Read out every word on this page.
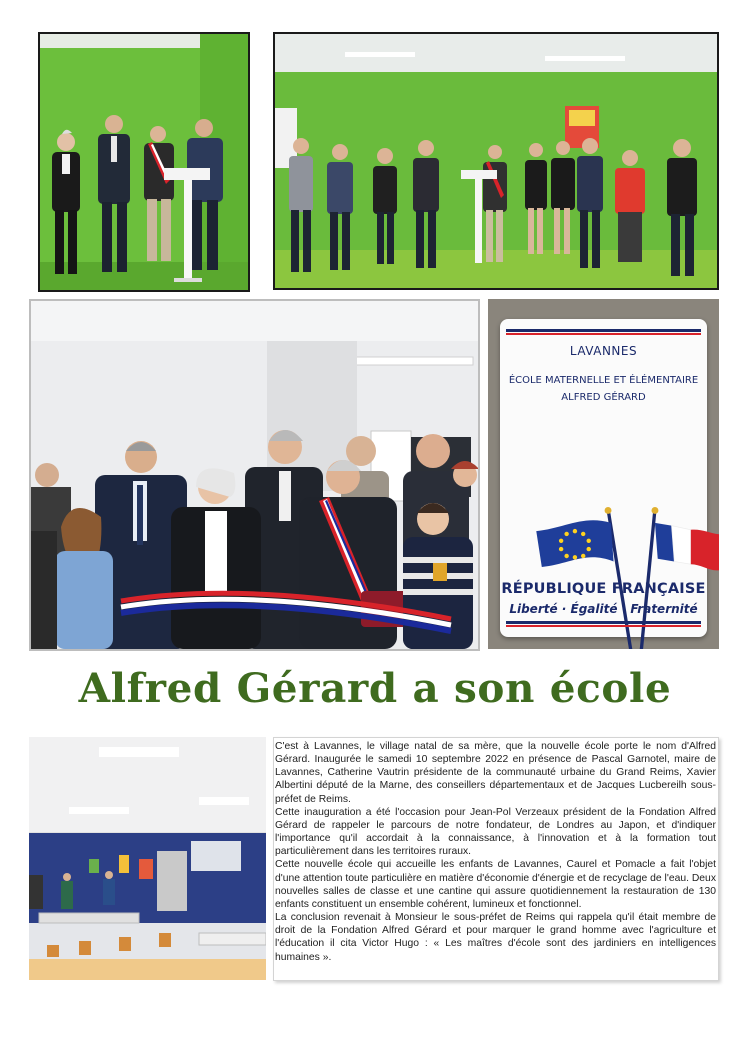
LAVANNES
ÉCOLE MATERNELLE ET ÉLÉMENTAIRE
ALFRED GÉRARD
RÉPUBLIQUE FRANÇAISE
Liberté · Égalité · Fraternité
Alfred Gérard a son école

C'est à Lavannes, le village natal de sa mère, que la nouvelle école porte le nom d'Alfred Gérard. Inaugurée le samedi 10 septembre 2022 en présence de Pascal Garnotel, maire de Lavannes, Catherine Vautrin présidente de la communauté urbaine du Grand Reims, Xavier Albertini député de la Marne, des conseillers départementaux et de Jacques Lucbereilh sous-préfet de Reims.

Cette inauguration a été l'occasion pour Jean-Pol Verzeaux président de la Fondation Alfred Gérard de rappeler le parcours de notre fondateur, de Londres au Japon, et d'indiquer l'importance qu'il accordait à la connaissance, à l'innovation et à la formation tout particulièrement dans les territoires ruraux.

Cette nouvelle école qui accueille les enfants de Lavannes, Caurel et Pomacle a fait l'objet d'une attention toute particulière en matière d'économie d'énergie et de recyclage de l'eau. Deux nouvelles salles de classe et une cantine qui assure quotidiennement la restauration de 130 enfants constituent un ensemble cohérent, lumineux et fonctionnel.

La conclusion revenait à Monsieur le sous-préfet de Reims qui rappela qu'il était membre de droit de la Fondation Alfred Gérard et pour marquer le grand homme avec l'agriculture et l'éducation il cita Victor Hugo : « Les maîtres d'école sont des jardiniers en intelligences humaines ».
